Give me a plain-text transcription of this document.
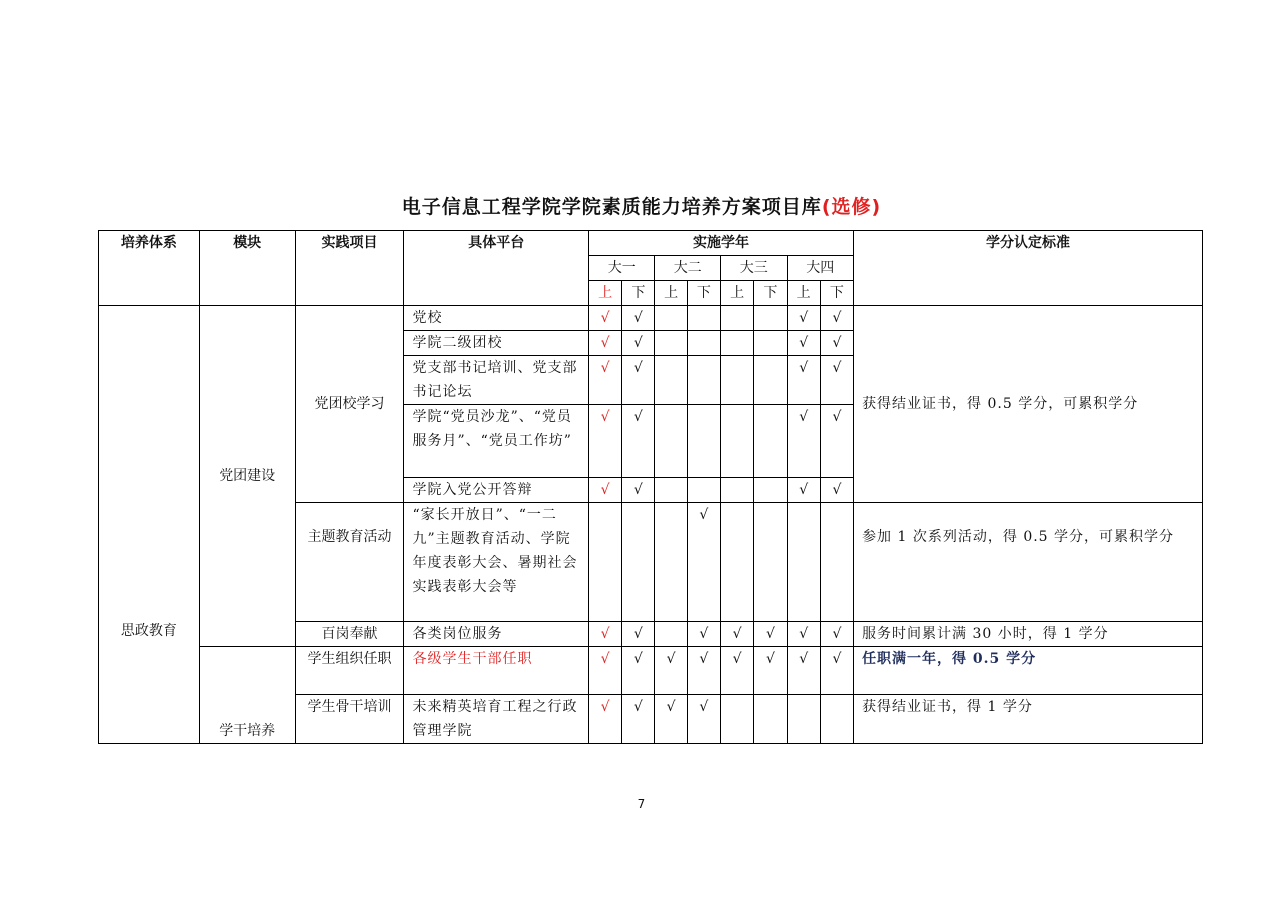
电子信息工程学院学院素质能力培养方案项目库(选修)
培养体系	模块	实践项目	具体平台	实施学年								学分认定标准
				大一		大二		大三		大四		
				上	下	上	下	上	下	上	下	
思政教育	党团建设	党团校学习	党校	√	√					√	√	获得结业证书，得 0.5 学分，可累积学分
			学院二级团校	√	√					√	√	
			党支部书记培训、党支部书记论坛	√	√					√	√	
			学院“党员沙龙”、“党员服务月”、“党员工作坊”	√	√					√	√	
			学院入党公开答辩	√	√					√	√	
		主题教育活动	“家长开放日”、“一二九”主题教育活动、学院年度表彰大会、暑期社会实践表彰大会等				√					参加 1 次系列活动，得 0.5 学分，可累积学分
		百岗奉献	各类岗位服务	√	√		√	√	√	√	√	服务时间累计满 30 小时，得 1 学分
	学干培养	学生组织任职	各级学生干部任职	√	√	√	√	√	√	√	√	任职满一年，得 0.5 学分
		学生骨干培训	未来精英培育工程之行政管理学院	√	√	√	√					获得结业证书，得 1 学分
7
